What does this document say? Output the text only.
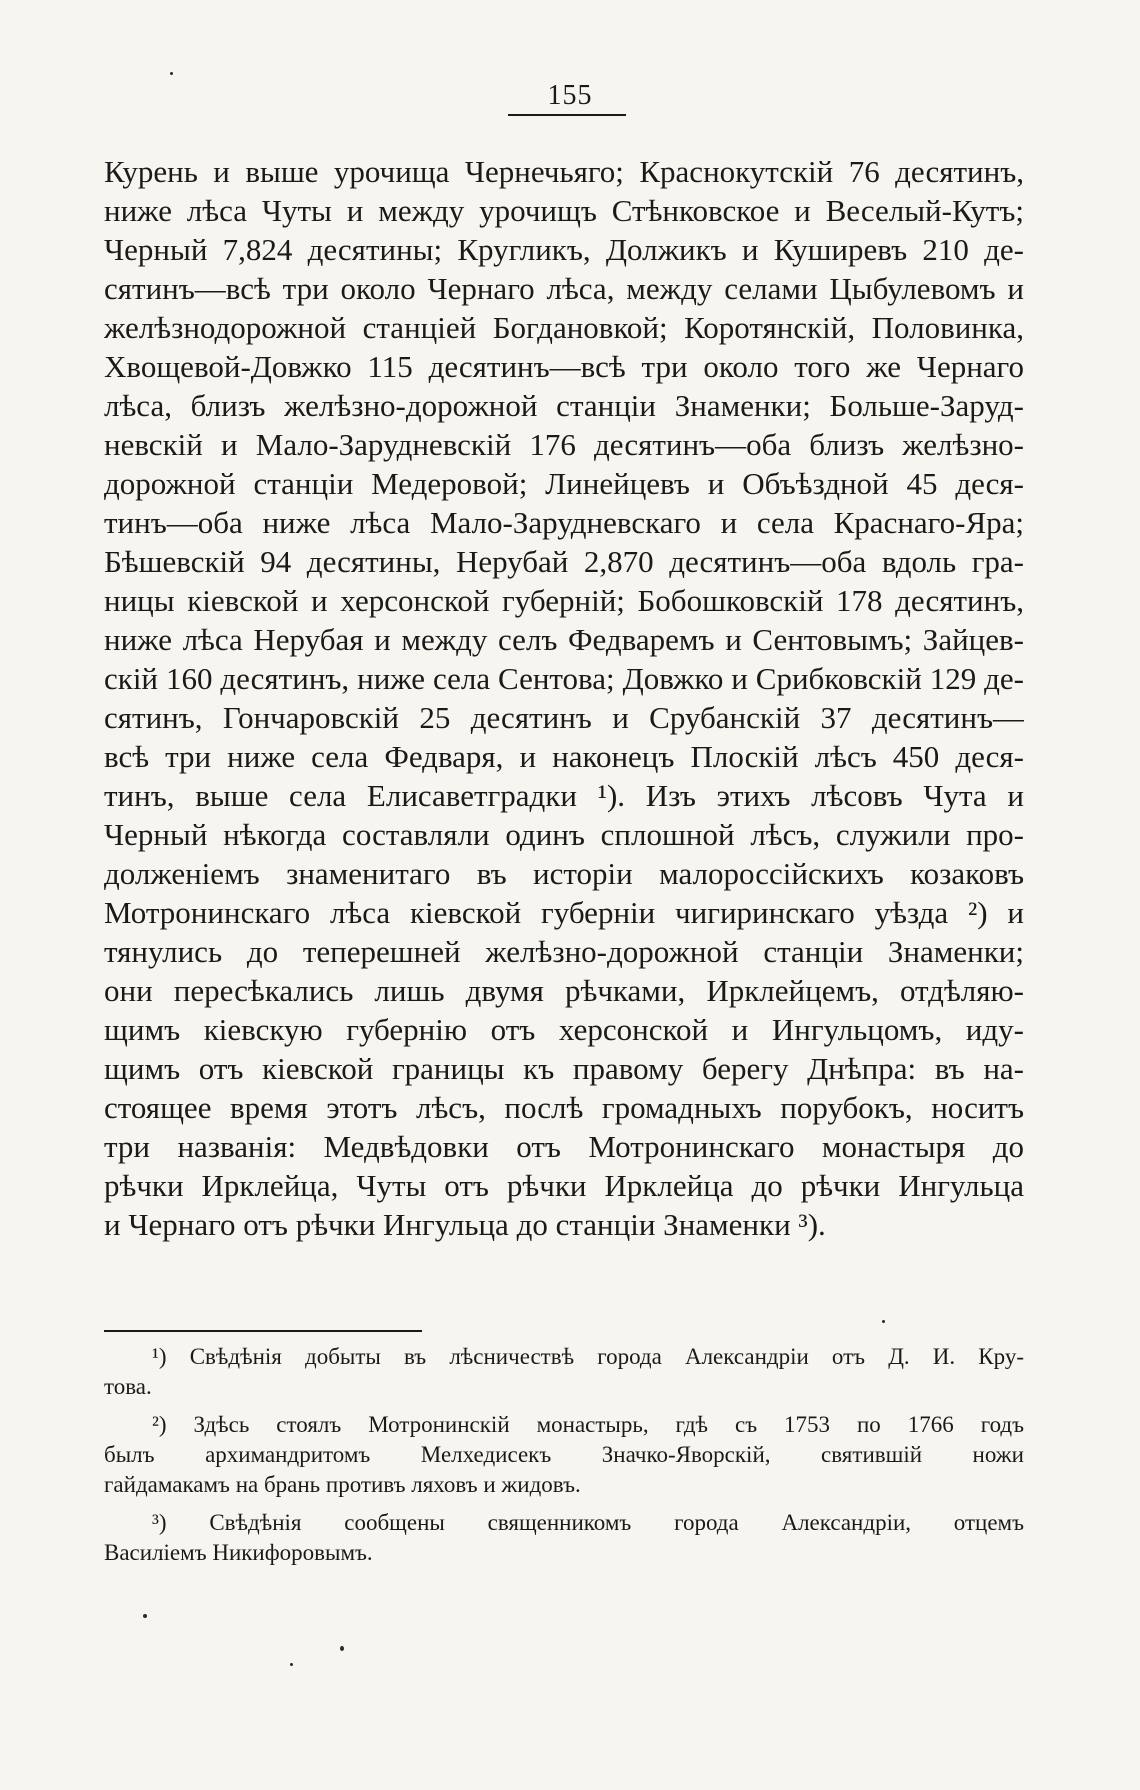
155
Курень и выше урочища Чернечьяго; Краснокутскій 76 десятинъ,
ниже лѣса Чуты и между урочищъ Стѣнковское и Веселый-Кутъ;
Черный 7,824 десятины; Кругликъ, Должикъ и Куширевъ 210 де-
сятинъ—всѣ три около Чернаго лѣса, между селами Цыбулевомъ и
желѣзнодорожной станціей Богдановкой; Коротянскій, Половинка,
Хвощевой-Довжко 115 десятинъ—всѣ три около того же Чернаго
лѣса, близъ желѣзно-дорожной станціи Знаменки; Больше-Заруд-
невскій и Мало-Заруднeвскій 176 десятинъ—оба близъ желѣзно-
дорожной станціи Медеровой; Линейцевъ и Объѣздной 45 деся-
тинъ—оба ниже лѣса Мало-Зарудневскаго и села Краснаго-Яра;
Бѣшевскій 94 десятины, Нерубай 2,870 десятинъ—оба вдоль гра-
ницы кіевской и херсонской губерній; Бобошковскій 178 десятинъ,
ниже лѣса Нерубая и между селъ Федваремъ и Сентовымъ; Зайцев-
скій 160 десятинъ, ниже села Сентова; Довжко и Срибковскій 129 де-
сятинъ, Гончаровскій 25 десятинъ и Срубанскій 37 десятинъ—
всѣ три ниже села Федваря, и наконецъ Плоскій лѣсъ 450 деся-
тинъ, выше села Елисаветградки ¹). Изъ этихъ лѣсовъ Чута и
Черный нѣкогда составляли одинъ сплошной лѣсъ, служили про-
долженіемъ знаменитаго въ исторіи малороссійскихъ козаковъ
Мотронинскаго лѣса кіевской губерніи чигиринскаго уѣзда ²) и
тянулись до теперешней желѣзно-дорожной станціи Знаменки;
они пересѣкались лишь двумя рѣчками, Ирклейцемъ, отдѣляю-
щимъ кіевскую губернію отъ херсонской и Ингульцомъ, иду-
щимъ отъ кіевской границы къ правому берегу Днѣпра: въ на-
стоящее время этотъ лѣсъ, послѣ громадныхъ порубокъ, носитъ
три названія: Медвѣдовки отъ Мотронинскаго монастыря до
рѣчки Ирклейца, Чуты отъ рѣчки Ирклейца до рѣчки Ингульца
и Чернаго отъ рѣчки Ингульца до станціи Знаменки ³).
¹) Свѣдѣнія добыты въ лѣсничествѣ города Александріи отъ Д. И. Кру-
това.
²) Здѣсь стоялъ Мотронинскій монастырь, гдѣ съ 1753 по 1766 годъ
былъ архимандритомъ Мелхедисекъ Значко-Яворскій, святившій ножи
гайдамакамъ на брань противъ ляховъ и жидовъ.
³) Свѣдѣнія сообщены священникомъ города Александріи, отцемъ
Василіемъ Никифоровымъ.
